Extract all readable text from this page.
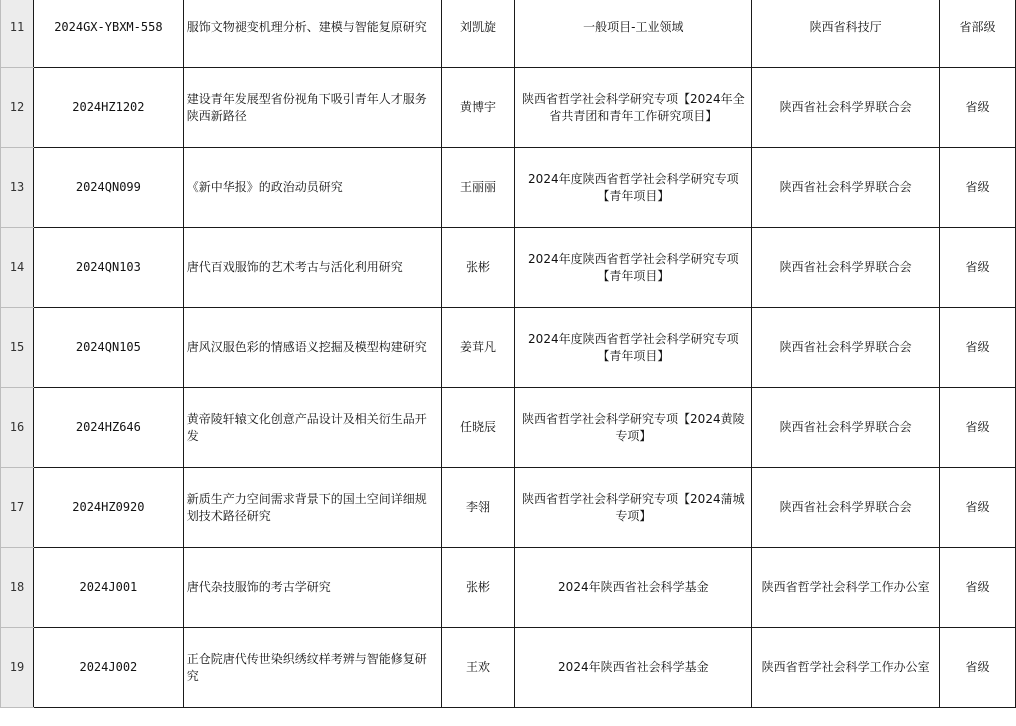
11	2024GX-YBXM-558	服饰文物褪变机理分析、建模与智能复原研究	刘凯旋	一般项目-工业领域	陕西省科技厅	省部级
12	2024HZ1202	建设青年发展型省份视角下吸引青年人才服务陕西新路径	黄博宇	陕西省哲学社会科学研究专项【2024年全省共青团和青年工作研究项目】	陕西省社会科学界联合会	省级
13	2024QN099	《新中华报》的政治动员研究	王丽丽	2024年度陕西省哲学社会科学研究专项【青年项目】	陕西省社会科学界联合会	省级
14	2024QN103	唐代百戏服饰的艺术考古与活化利用研究	张彬	2024年度陕西省哲学社会科学研究专项【青年项目】	陕西省社会科学界联合会	省级
15	2024QN105	唐风汉服色彩的情感语义挖掘及模型构建研究	姜茸凡	2024年度陕西省哲学社会科学研究专项【青年项目】	陕西省社会科学界联合会	省级
16	2024HZ646	黄帝陵轩辕文化创意产品设计及相关衍生品开发	任晓辰	陕西省哲学社会科学研究专项【2024黄陵专项】	陕西省社会科学界联合会	省级
17	2024HZ0920	新质生产力空间需求背景下的国土空间详细规划技术路径研究	李翎	陕西省哲学社会科学研究专项【2024蒲城专项】	陕西省社会科学界联合会	省级
18	2024J001	唐代杂技服饰的考古学研究	张彬	2024年陕西省社会科学基金	陕西省哲学社会科学工作办公室	省级
19	2024J002	正仓院唐代传世染织绣纹样考辨与智能修复研究	王欢	2024年陕西省社会科学基金	陕西省哲学社会科学工作办公室	省级
